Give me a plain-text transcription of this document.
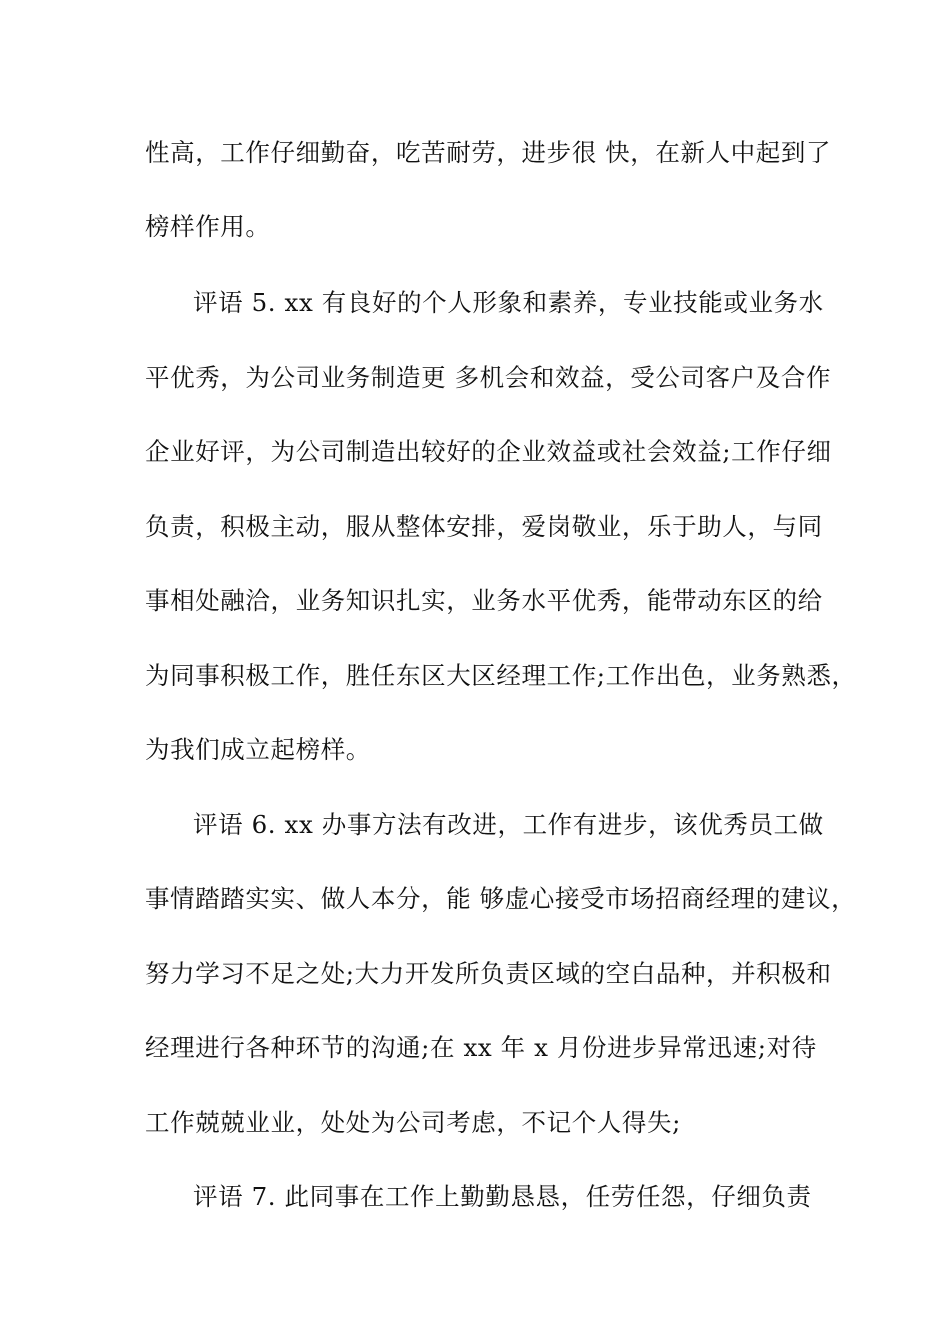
性高，工作仔细勤奋，吃苦耐劳，进步很 快，在新人中起到了
榜样作用。
评语 5. xx 有良好的个人形象和素养，专业技能或业务水
平优秀，为公司业务制造更 多机会和效益，受公司客户及合作
企业好评，为公司制造出较好的企业效益或社会效益;工作仔细
负责，积极主动，服从整体安排，爱岗敬业，乐于助人，与同
事相处融洽，业务知识扎实，业务水平优秀，能带动东区的给
为同事积极工作，胜任东区大区经理工作;工作出色，业务熟悉，
为我们成立起榜样。
评语 6. xx 办事方法有改进，工作有进步，该优秀员工做
事情踏踏实实、做人本分，能 够虚心接受市场招商经理的建议，
努力学习不足之处;大力开发所负责区域的空白品种，并积极和
经理进行各种环节的沟通;在 xx 年 x 月份进步异常迅速;对待
工作兢兢业业，处处为公司考虑，不记个人得失;
评语 7. 此同事在工作上勤勤恳恳，任劳任怨，仔细负责
